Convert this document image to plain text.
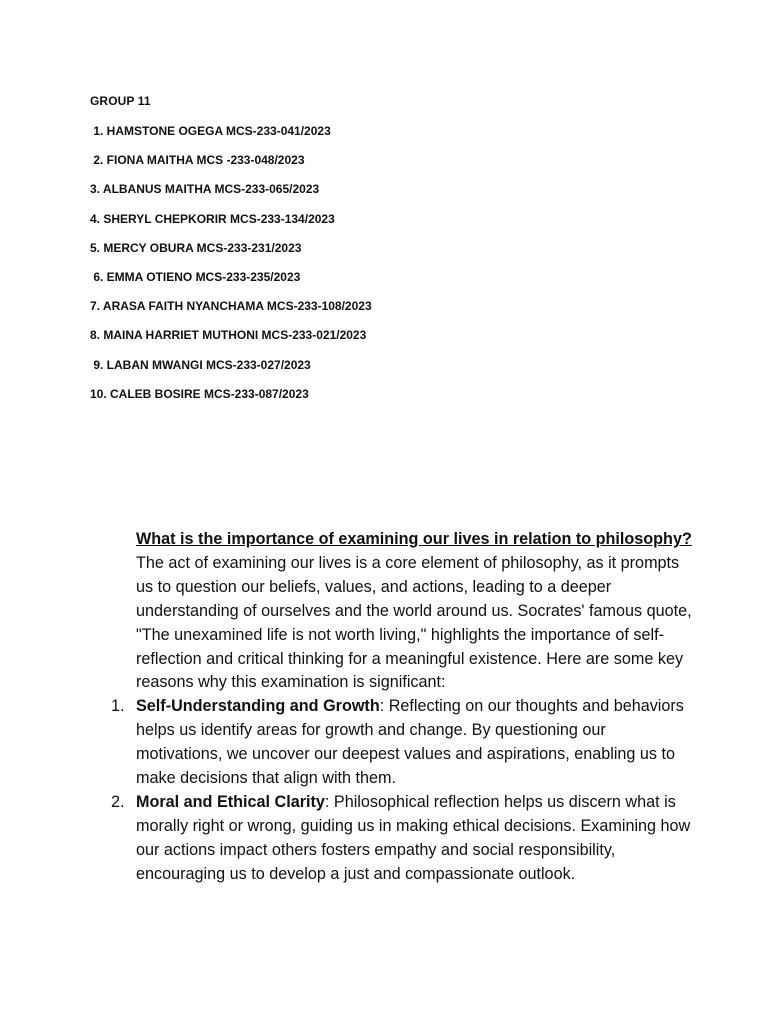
GROUP 11
1. HAMSTONE OGEGA MCS-233-041/2023
2. FIONA MAITHA MCS -233-048/2023
3. ALBANUS MAITHA MCS-233-065/2023
4. SHERYL CHEPKORIR MCS-233-134/2023
5. MERCY OBURA MCS-233-231/2023
6. EMMA OTIENO MCS-233-235/2023
7. ARASA FAITH NYANCHAMA MCS-233-108/2023
8. MAINA HARRIET MUTHONI MCS-233-021/2023
9. LABAN MWANGI MCS-233-027/2023
10. CALEB BOSIRE MCS-233-087/2023

What is the importance of examining our lives in relation to philosophy?

The act of examining our lives is a core element of philosophy, as it prompts us to question our beliefs, values, and actions, leading to a deeper understanding of ourselves and the world around us. Socrates' famous quote, "The unexamined life is not worth living," highlights the importance of self-reflection and critical thinking for a meaningful existence. Here are some key reasons why this examination is significant:

1. Self-Understanding and Growth: Reflecting on our thoughts and behaviors helps us identify areas for growth and change. By questioning our motivations, we uncover our deepest values and aspirations, enabling us to make decisions that align with them.
2. Moral and Ethical Clarity: Philosophical reflection helps us discern what is morally right or wrong, guiding us in making ethical decisions. Examining how our actions impact others fosters empathy and social responsibility, encouraging us to develop a just and compassionate outlook.
